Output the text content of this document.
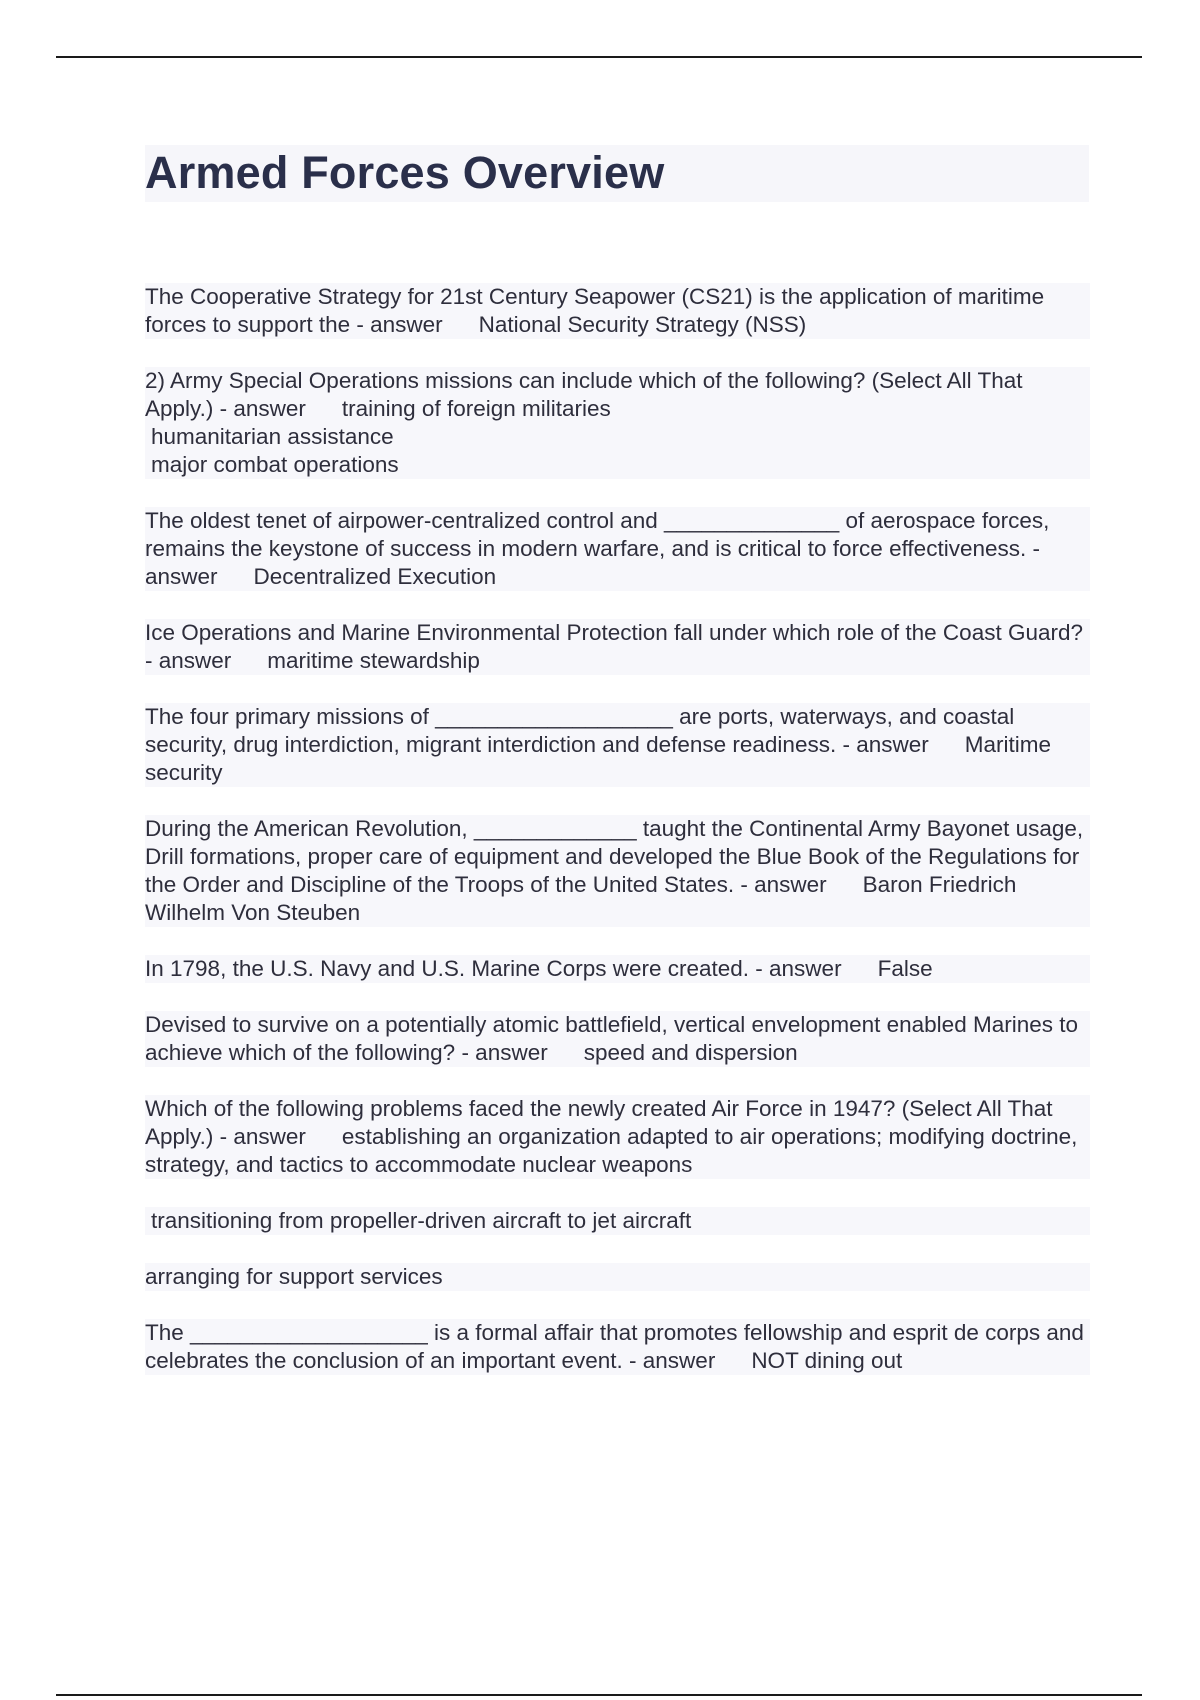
Armed Forces Overview

The Cooperative Strategy for 21st Century Seapower (CS21) is the application of maritime forces to support the - answer National Security Strategy (NSS)

2) Army Special Operations missions can include which of the following? (Select All That Apply.) - answer training of foreign militaries
humanitarian assistance
major combat operations

The oldest tenet of airpower-centralized control and ______________ of aerospace forces, remains the keystone of success in modern warfare, and is critical to force effectiveness. - answer Decentralized Execution

Ice Operations and Marine Environmental Protection fall under which role of the Coast Guard? - answer maritime stewardship

The four primary missions of ___________________ are ports, waterways, and coastal security, drug interdiction, migrant interdiction and defense readiness. - answer Maritime security

During the American Revolution, _____________ taught the Continental Army Bayonet usage, Drill formations, proper care of equipment and developed the Blue Book of the Regulations for the Order and Discipline of the Troops of the United States. - answer Baron Friedrich Wilhelm Von Steuben

In 1798, the U.S. Navy and U.S. Marine Corps were created. - answer False

Devised to survive on a potentially atomic battlefield, vertical envelopment enabled Marines to achieve which of the following? - answer speed and dispersion

Which of the following problems faced the newly created Air Force in 1947? (Select All That Apply.) - answer establishing an organization adapted to air operations; modifying doctrine, strategy, and tactics to accommodate nuclear weapons

transitioning from propeller-driven aircraft to jet aircraft

arranging for support services

The ___________________ is a formal affair that promotes fellowship and esprit de corps and celebrates the conclusion of an important event. - answer NOT dining out
